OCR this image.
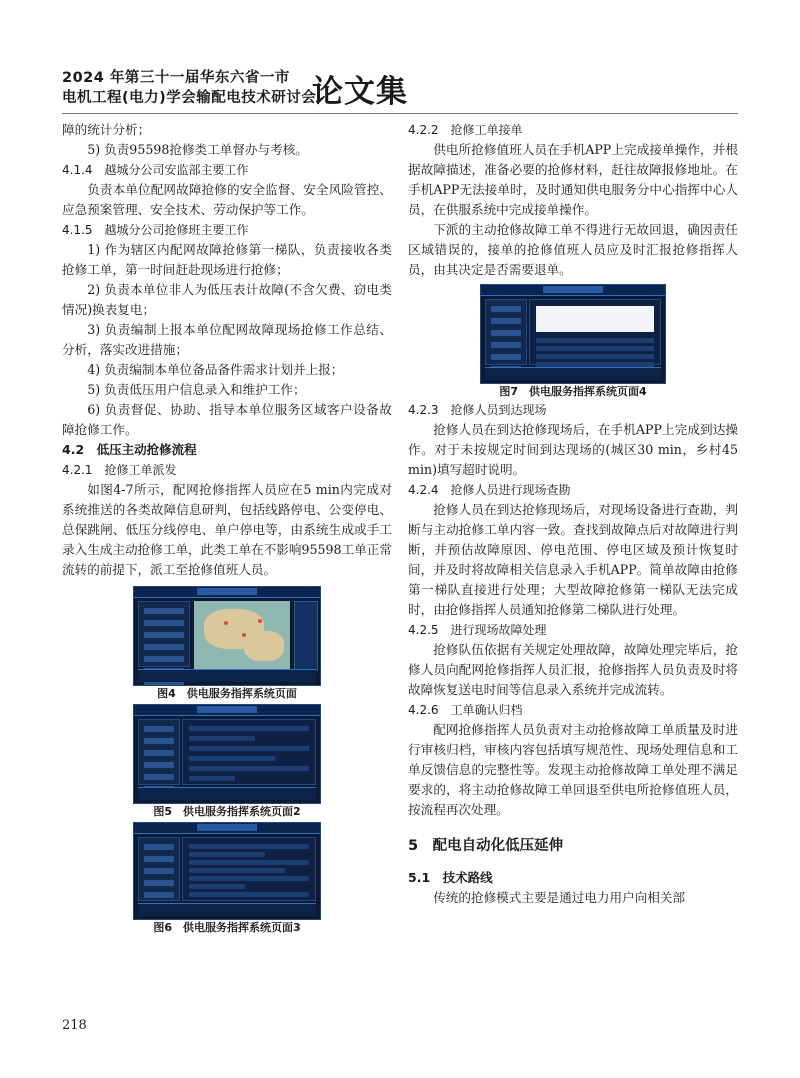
2024 年第三十一届华东六省一市
电机工程(电力)学会输配电技术研讨会
论文集

障的统计分析；

5) 负责95598抢修类工单督办与考核。

4.1.4　越城分公司安监部主要工作

负责本单位配网故障抢修的安全监督、安全风险管控、应急预案管理、安全技术、劳动保护等工作。

4.1.5　越城分公司抢修班主要工作

1) 作为辖区内配网故障抢修第一梯队，负责接收各类抢修工单，第一时间赶赴现场进行抢修；

2) 负责本单位非人为低压表计故障(不含欠费、窃电类情况)换表复电；

3) 负责编制上报本单位配网故障现场抢修工作总结、分析，落实改进措施；

4) 负责编制本单位备品备件需求计划并上报；

5) 负责低压用户信息录入和维护工作；

6) 负责督促、协助、指导本单位服务区域客户设备故障抢修工作。

4.2　低压主动抢修流程

4.2.1　抢修工单派发

如图4-7所示，配网抢修指挥人员应在5 min内完成对系统推送的各类故障信息研判，包括线路停电、公变停电、总保跳闸、低压分线停电、单户停电等，由系统生成或手工录入生成主动抢修工单，此类工单在不影响95598工单正常流转的前提下，派工至抢修值班人员。

图4　供电服务指挥系统页面
图5　供电服务指挥系统页面2
图6　供电服务指挥系统页面3

4.2.2　抢修工单接单

供电所抢修值班人员在手机APP上完成接单操作，并根据故障描述，准备必要的抢修材料，赶往故障报修地址。在手机APP无法接单时，及时通知供电服务分中心指挥中心人员，在供服系统中完成接单操作。

下派的主动抢修故障工单不得进行无故回退，确因责任区域错误的，接单的抢修值班人员应及时汇报抢修指挥人员，由其决定是否需要退单。

图7　供电服务指挥系统页面4

4.2.3　抢修人员到达现场

抢修人员在到达抢修现场后，在手机APP上完成到达操作。对于未按规定时间到达现场的(城区30 min，乡村45 min)填写超时说明。

4.2.4　抢修人员进行现场查勘

抢修人员在到达抢修现场后，对现场设备进行查勘，判断与主动抢修工单内容一致。查找到故障点后对故障进行判断，并预估故障原因、停电范围、停电区域及预计恢复时间，并及时将故障相关信息录入手机APP。简单故障由抢修第一梯队直接进行处理；大型故障抢修第一梯队无法完成时，由抢修指挥人员通知抢修第二梯队进行处理。

4.2.5　进行现场故障处理

抢修队伍依据有关规定处理故障，故障处理完毕后，抢修人员向配网抢修指挥人员汇报，抢修指挥人员负责及时将故障恢复送电时间等信息录入系统并完成流转。

4.2.6　工单确认归档

配网抢修指挥人员负责对主动抢修故障工单质量及时进行审核归档，审核内容包括填写规范性、现场处理信息和工单反馈信息的完整性等。发现主动抢修故障工单处理不满足要求的，将主动抢修故障工单回退至供电所抢修值班人员，按流程再次处理。

5　配电自动化低压延伸

5.1　技术路线

传统的抢修模式主要是通过电力用户向相关部

218
